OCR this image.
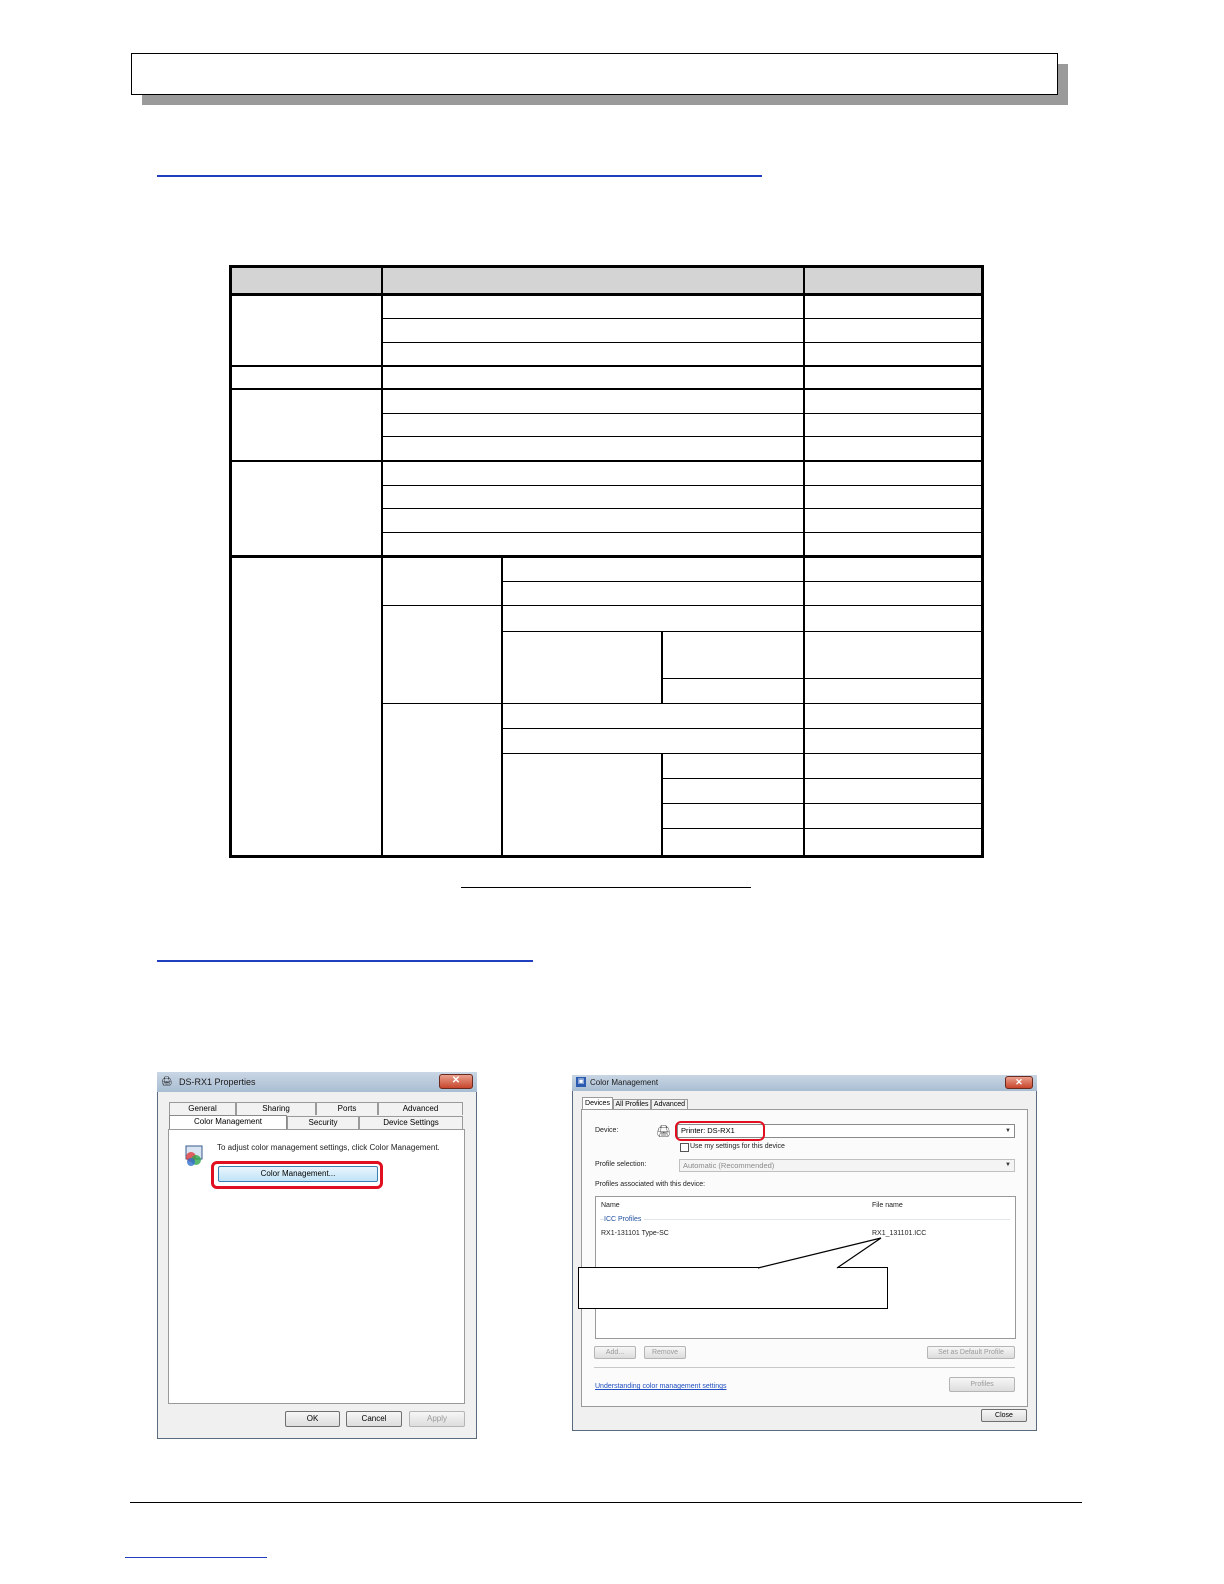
🖨 DS-RX1 Properties	✕
General	Sharing	Ports	Advanced
Color Management	Security	Device Settings
To adjust color management settings, click Color Management.
Color Management...
OK	Cancel	Apply
▣ Color Management	✕
Devices All Profiles Advanced
Device:	🖨	Printer: DS-RX1	▼
Use my settings for this device
Profile selection:	Automatic (Recommended)	▼
Profiles associated with this device:
Name	File name
ICC Profiles
RX1-131101 Type-SC	RX1_131101.ICC
Add...	Remove	Set as Default Profile
Understanding color management settings	Profiles
Close
